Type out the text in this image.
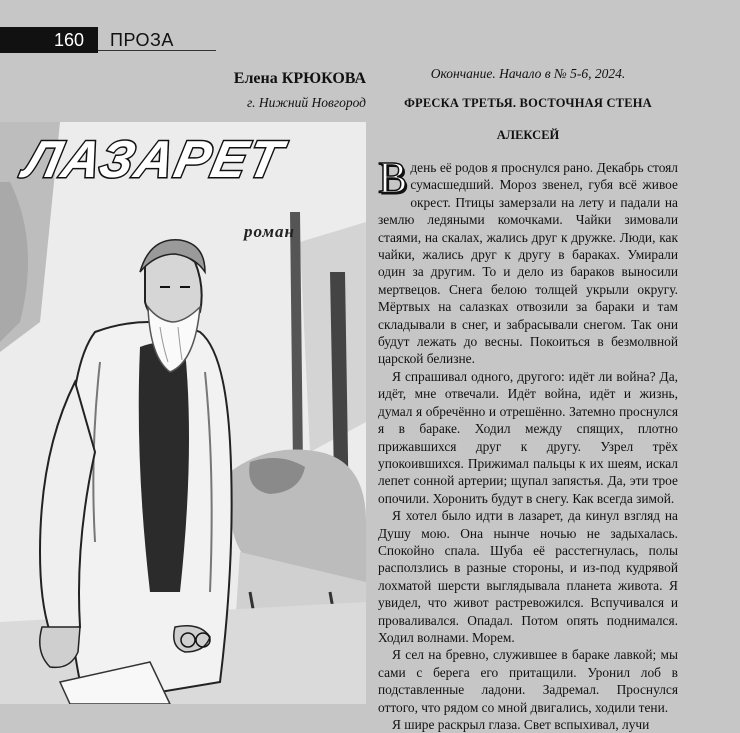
160	ПРОЗА
Елена КРЮКОВА
г. Нижний Новгород
ЛАЗАРЕТ
роман
Окончание. Начало в № 5-6, 2024.
ФРЕСКА ТРЕТЬЯ. ВОСТОЧНАЯ СТЕНА
АЛЕКСЕЙ

В день её родов я проснулся рано. Декабрь стоял сумасшедший. Мороз звенел, губя всё живое окрест. Птицы замерзали на лету и падали на землю ледяными комочками. Чайки зимовали стаями, на скалах, жались друг к дружке. Люди, как чайки, жались друг к другу в бараках. Умирали один за другим. То и дело из бараков выносили мертвецов. Снега белою толщей укрыли округу. Мёртвых на салазках отвозили за бараки и там складывали в снег, и забрасывали снегом. Так они будут лежать до весны. Покоиться в безмолвной царской белизне.

Я спрашивал одного, другого: идёт ли война? Да, идёт, мне отвечали. Идёт война, идёт и жизнь, думал я обречённо и отрешённо. Затемно проснулся я в бараке. Ходил между спящих, плотно прижавшихся друг к другу. Узрел трёх упокоившихся. Прижимал пальцы к их шеям, искал лепет сонной артерии; щупал запястья. Да, эти трое опочили. Хоронить будут в снегу. Как всегда зимой.

Я хотел было идти в лазарет, да кинул взгляд на Душу мою. Она нынче ночью не задыхалась. Спокойно спала. Шуба её расстегнулась, полы расползлись в разные стороны, и из-под кудрявой лохматой шерсти выглядывала планета живота. Я увидел, что живот растревожился. Вспучивался и проваливался. Опадал. Потом опять поднимался. Ходил волнами. Морем.

Я сел на бревно, служившее в бараке лавкой; мы сами с берега его притащили. Уронил лоб в подставленные ладони. Задремал. Проснулся оттого, что рядом со мной двигались, ходили тени.

Я шире раскрыл глаза. Свет вспыхивал, лучи
